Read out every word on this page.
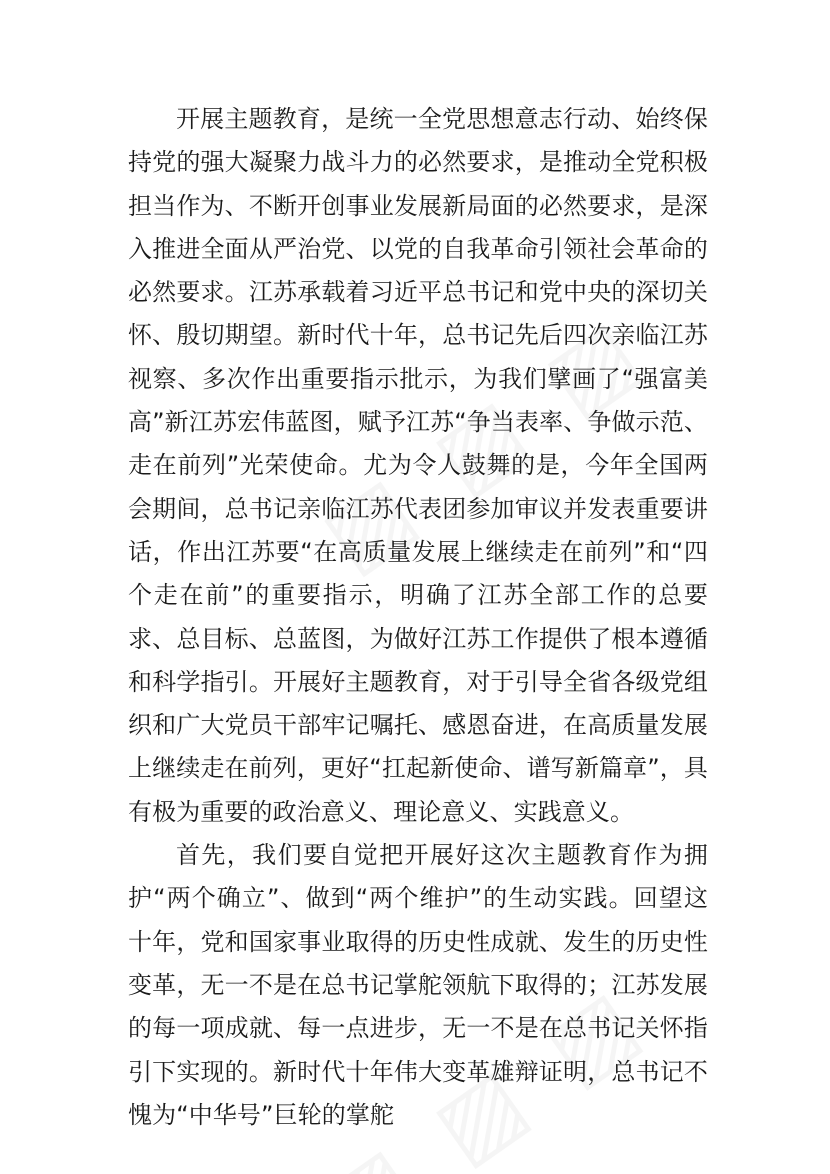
开展主题教育，是统一全党思想意志行动、始终保持党的强大凝聚力战斗力的必然要求，是推动全党积极担当作为、不断开创事业发展新局面的必然要求，是深入推进全面从严治党、以党的自我革命引领社会革命的必然要求。江苏承载着习近平总书记和党中央的深切关怀、殷切期望。新时代十年，总书记先后四次亲临江苏视察、多次作出重要指示批示，为我们擘画了“强富美高”新江苏宏伟蓝图，赋予江苏“争当表率、争做示范、走在前列”光荣使命。尤为令人鼓舞的是，今年全国两会期间，总书记亲临江苏代表团参加审议并发表重要讲话，作出江苏要“在高质量发展上继续走在前列”和“四个走在前”的重要指示，明确了江苏全部工作的总要求、总目标、总蓝图，为做好江苏工作提供了根本遵循和科学指引。开展好主题教育，对于引导全省各级党组织和广大党员干部牢记嘱托、感恩奋进，在高质量发展上继续走在前列，更好“扛起新使命、谱写新篇章”，具有极为重要的政治意义、理论意义、实践意义。

首先，我们要自觉把开展好这次主题教育作为拥护“两个确立”、做到“两个维护”的生动实践。回望这十年，党和国家事业取得的历史性成就、发生的历史性变革，无一不是在总书记掌舵领航下取得的；江苏发展的每一项成就、每一点进步，无一不是在总书记关怀指引下实现的。新时代十年伟大变革雄辩证明，总书记不愧为“中华号”巨轮的掌舵
